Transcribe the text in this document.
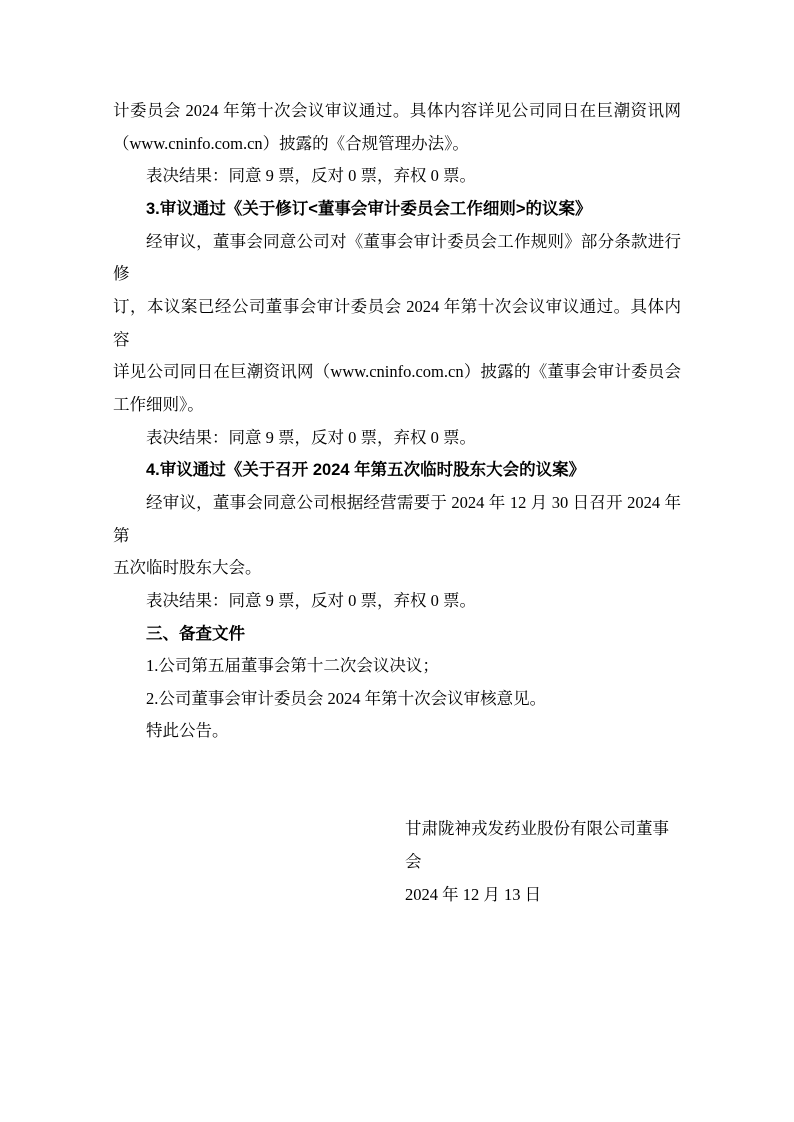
计委员会 2024 年第十次会议审议通过。具体内容详见公司同日在巨潮资讯网
（www.cninfo.com.cn）披露的《合规管理办法》。
表决结果：同意 9 票，反对 0 票，弃权 0 票。
3.审议通过《关于修订<董事会审计委员会工作细则>的议案》
经审议，董事会同意公司对《董事会审计委员会工作规则》部分条款进行修
订，本议案已经公司董事会审计委员会 2024 年第十次会议审议通过。具体内容
详见公司同日在巨潮资讯网（www.cninfo.com.cn）披露的《董事会审计委员会
工作细则》。
表决结果：同意 9 票，反对 0 票，弃权 0 票。
4.审议通过《关于召开 2024 年第五次临时股东大会的议案》
经审议，董事会同意公司根据经营需要于 2024 年 12 月 30 日召开 2024 年第
五次临时股东大会。
表决结果：同意 9 票，反对 0 票，弃权 0 票。
三、备查文件
1.公司第五届董事会第十二次会议决议；
2.公司董事会审计委员会 2024 年第十次会议审核意见。
特此公告。
甘肃陇神戎发药业股份有限公司董事会
2024 年 12 月 13 日
